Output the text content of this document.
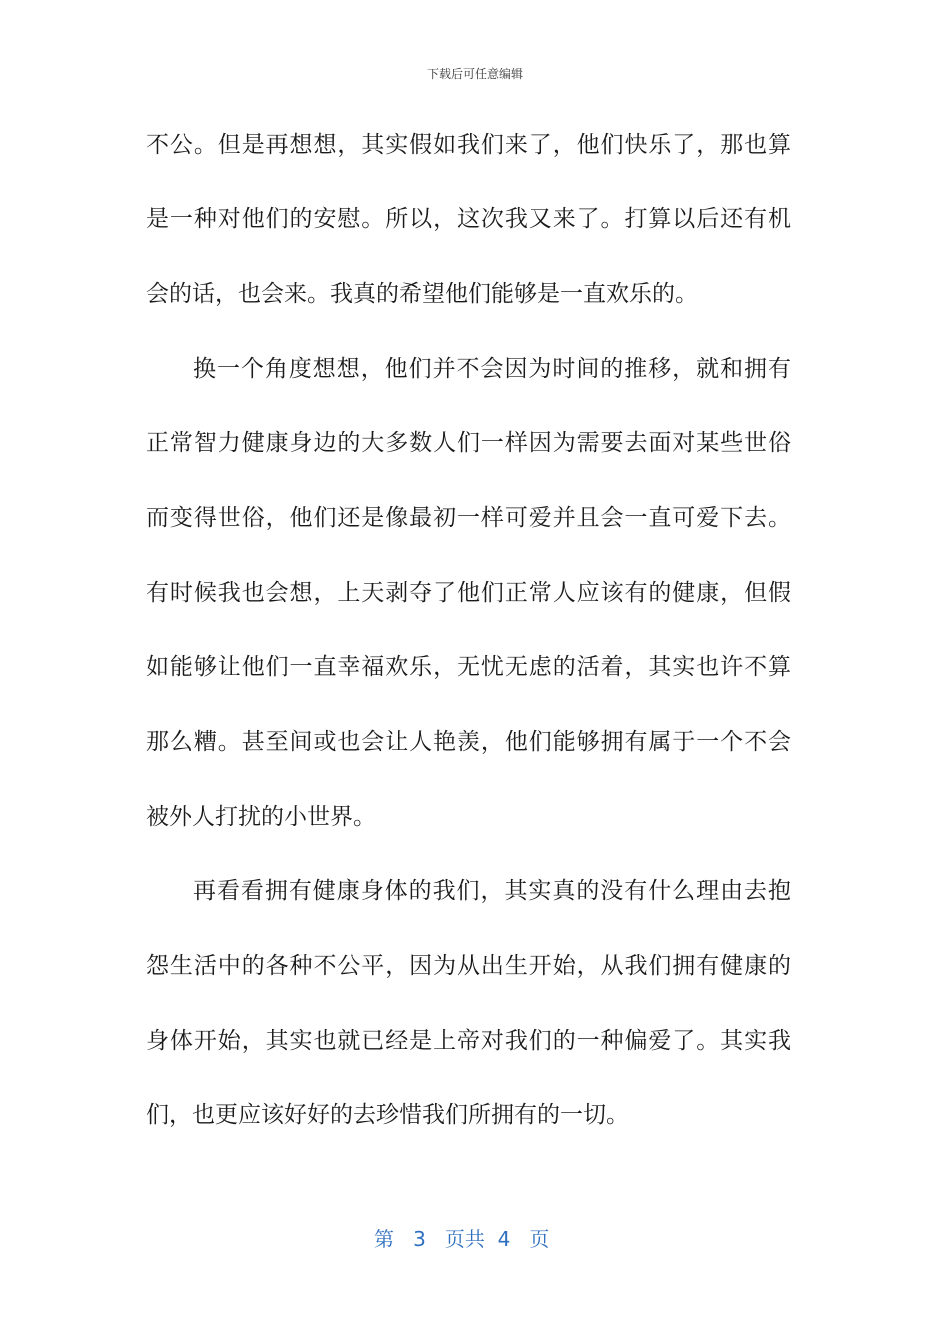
下载后可任意编辑
不公。但是再想想，其实假如我们来了，他们快乐了，那也算
是一种对他们的安慰。所以，这次我又来了。打算以后还有机
会的话，也会来。我真的希望他们能够是一直欢乐的。
换一个角度想想，他们并不会因为时间的推移，就和拥有
正常智力健康身边的大多数人们一样因为需要去面对某些世俗
而变得世俗，他们还是像最初一样可爱并且会一直可爱下去。
有时候我也会想，上天剥夺了他们正常人应该有的健康，但假
如能够让他们一直幸福欢乐，无忧无虑的活着，其实也许不算
那么糟。甚至间或也会让人艳羡，他们能够拥有属于一个不会
被外人打扰的小世界。
再看看拥有健康身体的我们，其实真的没有什么理由去抱
怨生活中的各种不公平，因为从出生开始，从我们拥有健康的
身体开始，其实也就已经是上帝对我们的一种偏爱了。其实我
们，也更应该好好的去珍惜我们所拥有的一切。
第 3 页共 4 页
